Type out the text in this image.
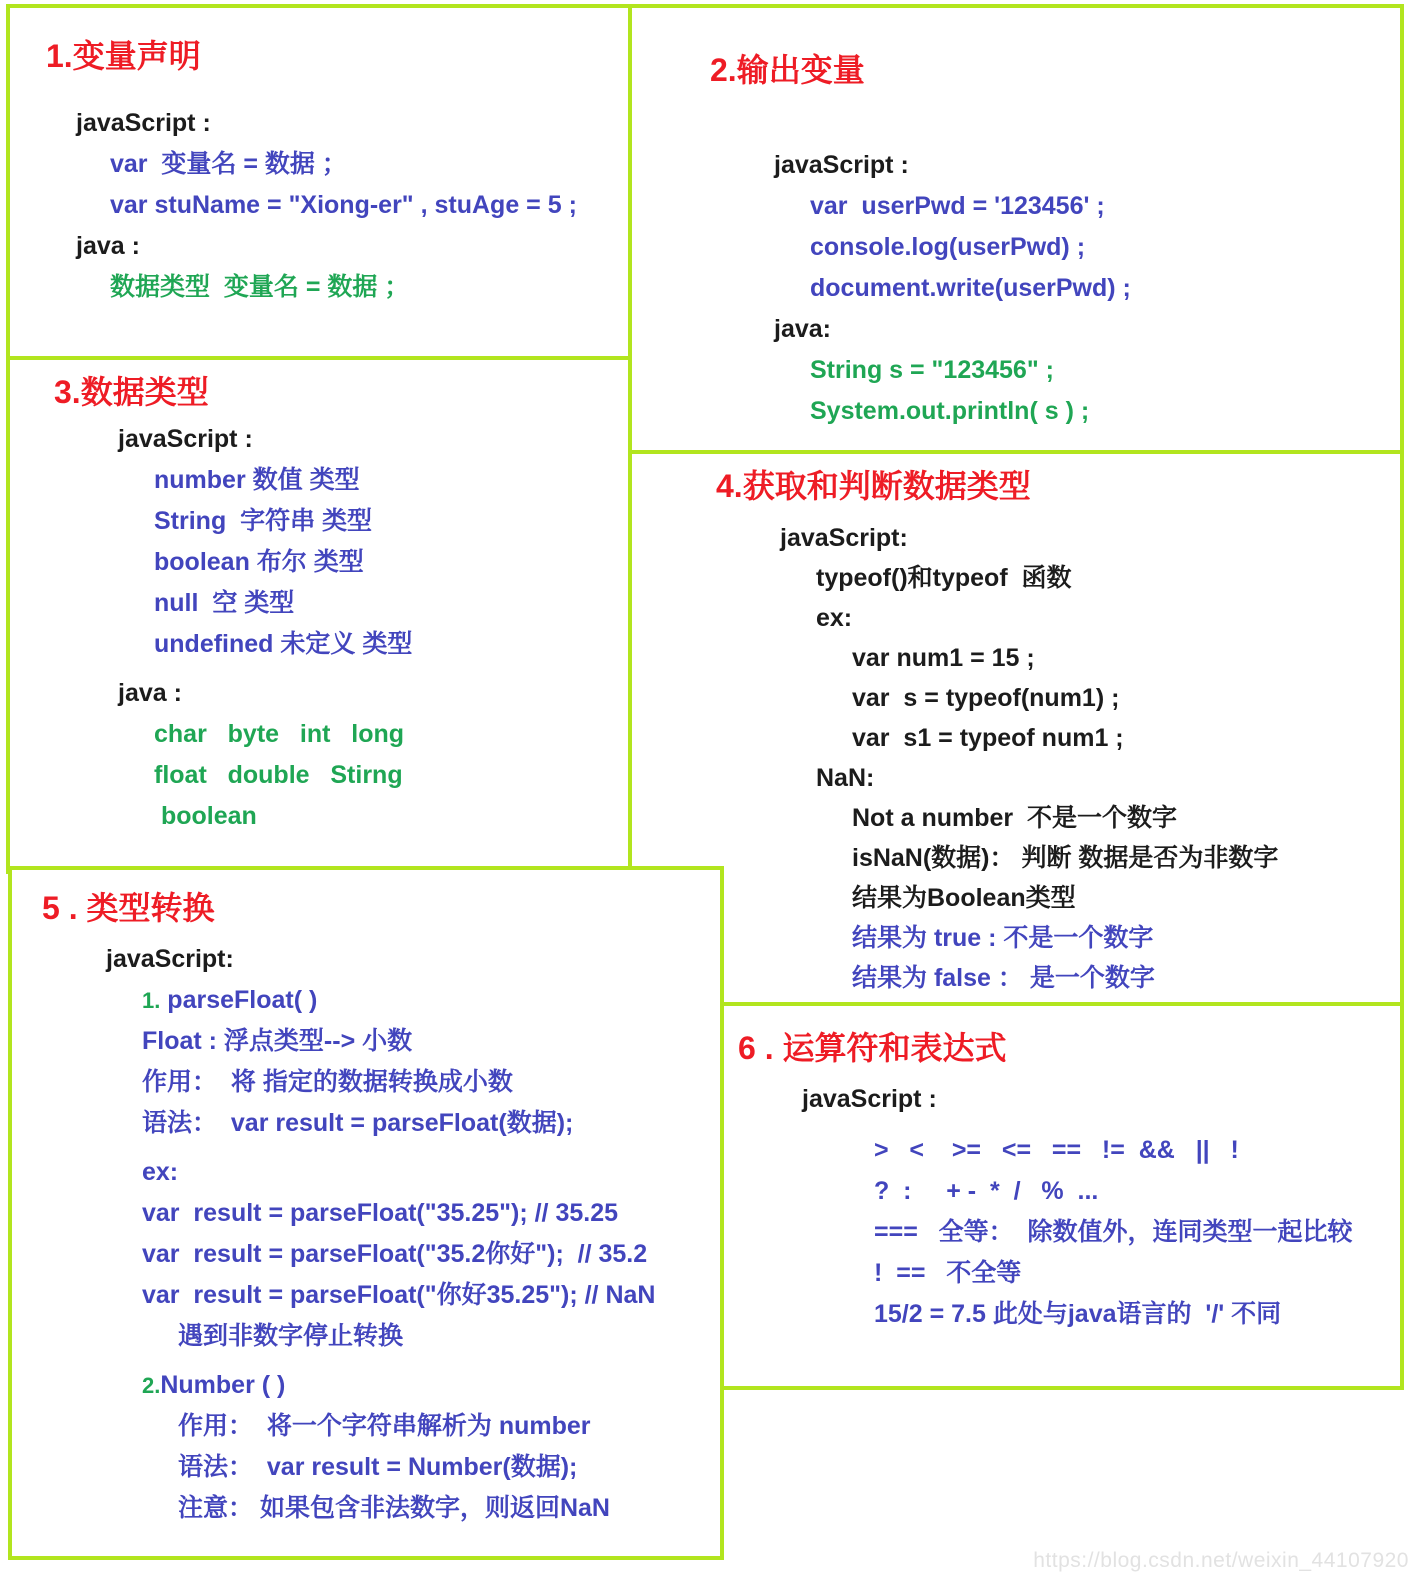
1.变量声明
javaScript :
var  变量名 = 数据 ；
var stuName = "Xiong-er" , stuAge = 5 ;
java :
数据类型  变量名 = 数据 ；
2.输出变量
javaScript :
var  userPwd = '123456' ;
console.log(userPwd) ;
document.write(userPwd) ;
java:
String s = "123456" ;
System.out.println( s ) ;
3.数据类型
javaScript :
number 数值 类型
String  字符串 类型
boolean 布尔 类型
null  空 类型
undefined 未定义 类型
java :
char   byte   int   long
float   double   Stirng
boolean
4.获取和判断数据类型
javaScript:
typeof()和typeof  函数
ex:
var num1 = 15 ;
var  s = typeof(num1) ;
var  s1 = typeof num1 ;
NaN:
Not a number  不是一个数字
isNaN(数据)： 判断 数据是否为非数字
结果为Boolean类型
结果为 true : 不是一个数字
结果为 false ： 是一个数字
5 . 类型转换
javaScript:
1. parseFloat( )
Float : 浮点类型--> 小数
作用：  将 指定的数据转换成小数
语法：  var result = parseFloat(数据);
ex:
var  result = parseFloat("35.25"); // 35.25
var  result = parseFloat("35.2你好");  // 35.2
var  result = parseFloat("你好35.25"); // NaN
遇到非数字停止转换
2.Number ( )
作用：  将一个字符串解析为 number
语法：  var result = Number(数据);
注意： 如果包含非法数字，则返回NaN
6 . 运算符和表达式
javaScript :
>   <    >=   <=   ==   !=  &&   ||   !
?  :     + -  *  /   %  ...
===   全等：  除数值外，连同类型一起比较
!  ==   不全等
15/2 = 7.5 此处与java语言的  '/' 不同
https://blog.csdn.net/weixin_44107920
